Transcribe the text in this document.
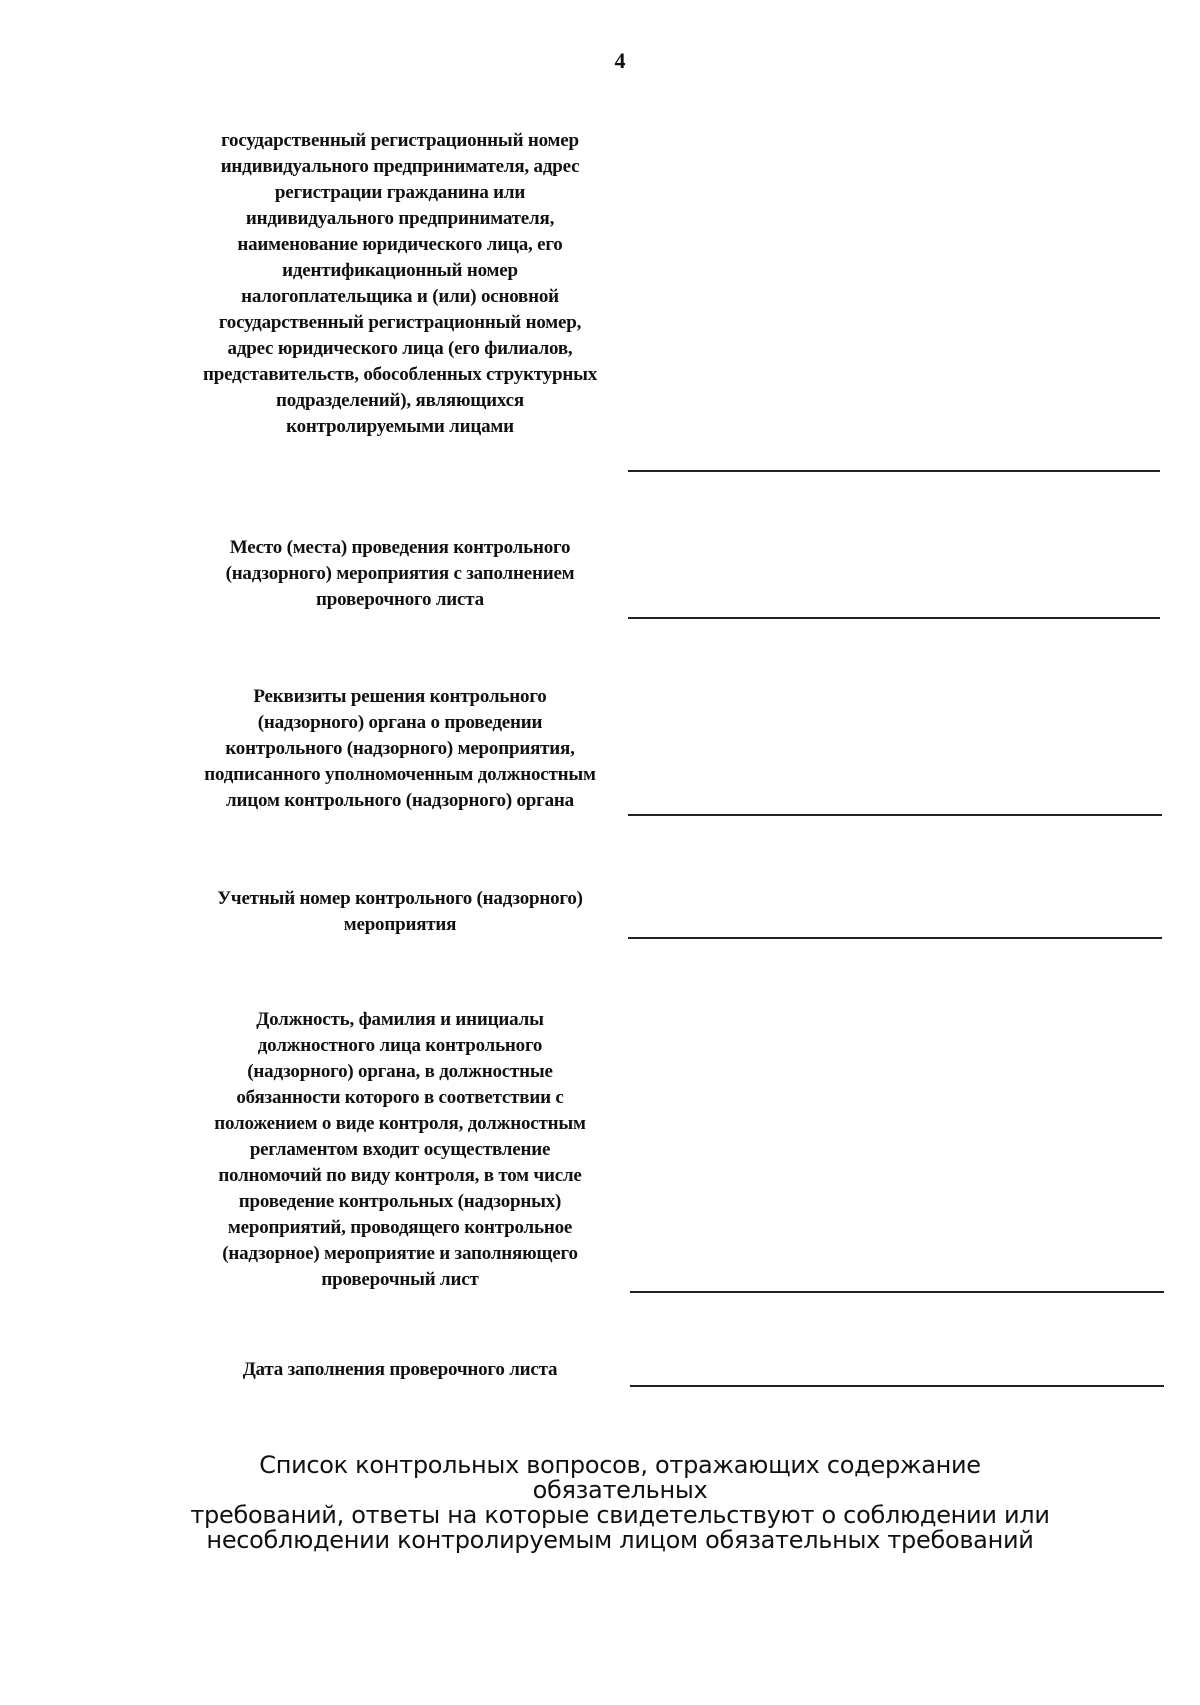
4
государственный регистрационный номер
индивидуального предпринимателя, адрес
регистрации гражданина или
индивидуального предпринимателя,
наименование юридического лица, его
идентификационный номер
налогоплательщика и (или) основной
государственный регистрационный номер,
адрес юридического лица (его филиалов,
представительств, обособленных структурных
подразделений), являющихся
контролируемыми лицами
Место (места) проведения контрольного
(надзорного) мероприятия с заполнением
проверочного листа
Реквизиты решения контрольного
(надзорного) органа о проведении
контрольного (надзорного) мероприятия,
подписанного уполномоченным должностным
лицом контрольного (надзорного) органа
Учетный номер контрольного (надзорного)
мероприятия
Должность, фамилия и инициалы
должностного лица контрольного
(надзорного) органа, в должностные
обязанности которого в соответствии с
положением о виде контроля, должностным
регламентом входит осуществление
полномочий по виду контроля, в том числе
проведение контрольных (надзорных)
мероприятий, проводящего контрольное
(надзорное) мероприятие и заполняющего
проверочный лист
Дата заполнения проверочного листа
Список контрольных вопросов, отражающих содержание обязательных
требований, ответы на которые свидетельствуют о соблюдении или
несоблюдении контролируемым лицом обязательных требований
